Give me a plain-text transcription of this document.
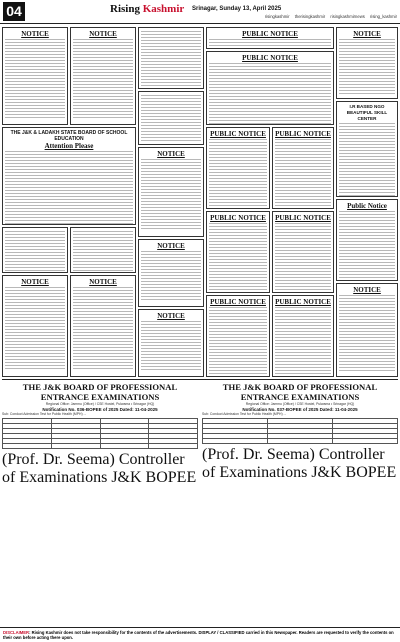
04	Rising Kashmir Srinagar, Sunday 13, April 2025
risingkashmir therisingkashmir risingkashmirnews rising_kashmir
NOTICE
THE J&K & LADAKH STATE BOARD OF SCHOOL EDUCATION
Attention Please
NOTICE
NOTICE
NOTICE
NOTICE
NOTICE
NOTICE
PUBLIC NOTICE
PUBLIC NOTICE
PUBLIC NOTICE PUBLIC NOTICE
PUBLIC NOTICE PUBLIC NOTICE
PUBLIC NOTICE PUBLIC NOTICE
NOTICE
I.R BASED NGO BEAUTIFUL SKILL CENTER
Public Notice
NOTICE
THE J&K BOARD OF PROFESSIONAL ENTRANCE EXAMINATIONS
Regional Office: Jammu (Office) / CSE Hostel, Pulwama • Srinagar (HQ)
Notification No. 036-BOPEE of 2025 Dated: 11-04-2025
Sub: Conduct Admission Test for Public Health (MPH) ...

(Prof. Dr. Seema) Controller of Examinations J&K BOPEE
THE J&K BOARD OF PROFESSIONAL ENTRANCE EXAMINATIONS
Regional Office: Jammu (Office) / CSE Hostel, Pulwama • Srinagar (HQ)
Notification No. 037-BOPEE of 2025 Dated: 11-04-2025
Sub: Conduct Admission Test for Public Health (MPH) ...

(Prof. Dr. Seema) Controller of Examinations J&K BOPEE
DISCLAIMER: Rising Kashmir does not take responsibility for the contents of the advertisements. DISPLAY / CLASSIFIED carried in this Newspaper. Readers are requested to verify the contents on their own before acting there upon.
